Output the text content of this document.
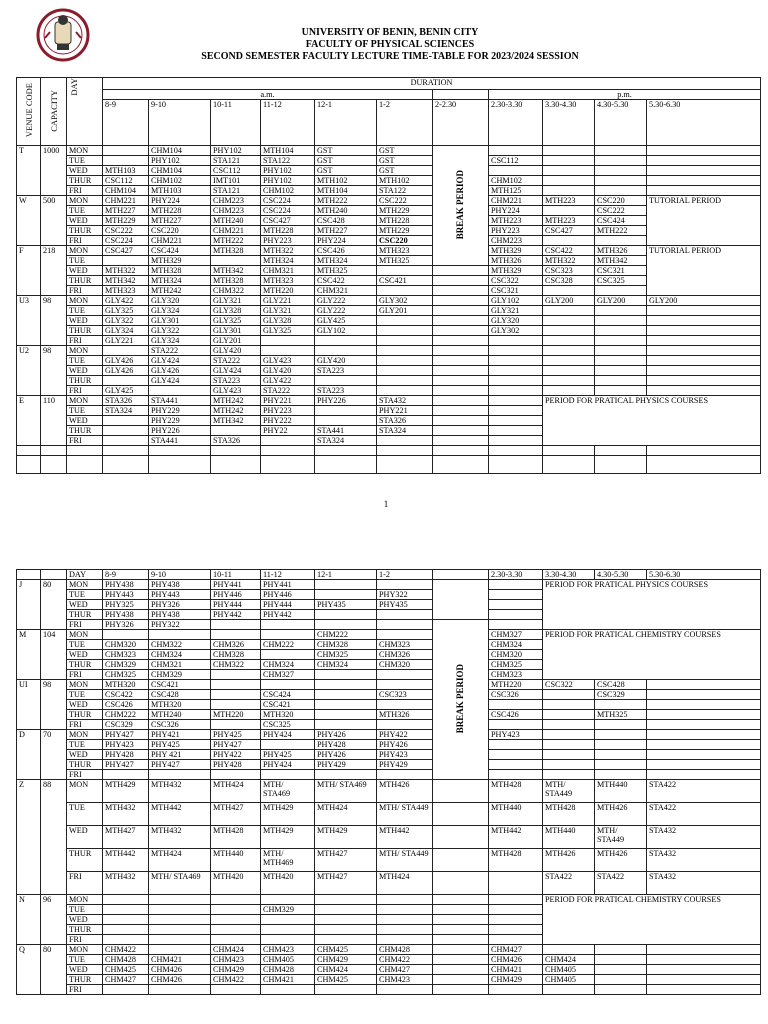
UNIVERSITY OF BENIN, BENIN CITY
FACULTY OF PHYSICAL SCIENCES
SECOND SEMESTER FACULTY LECTURE TIME-TABLE FOR 2023/2024 SESSION
VENUE CODE	CAPACITY	DAY	DURATION										
			a.m.							p.m.			
			8-9	9-10	10-11	11-12	12-1	1-2	2-2.30	2.30-3.30	3.30-4.30	4.30-5.30	5.30-6.30
T	1000	MON		CHM104	PHY102	MTH104	GST	GST	BREAK PERIOD				
		TUE		PHY102	STA121	STA122	GST	GST		CSC112			
		WED	MTH103	CHM104	CSC112	PHY102	GST	GST					
		THUR	CSC112	CHM102	IMT101	PHY102	MTH102	MTH102		CHM102			
		FRI	CHM104	MTH103	STA121	CHM102	MTH104	STA122		MTH125			
W	500	MON	CHM221	PHY224	CHM223	CSC224	MTH222	CSC222		CHM221	MTH223	CSC220	TUTORIAL PERIOD
		TUE	MTH227	MTH228	CHM223	CSC224	MTH240	MTH229		PHY224		CSC222	
		WED	MTH229	MTH227	MTH240	CSC427	CSC428	MTH228		MTH223	MTH223	CSC424	
		THUR	CSC222	CSC220	CHM221	MTH228	MTH227	MTH229		PHY223	CSC427	MTH222	
		FRI	CSC224	CHM221	MTH222	PHY223	PHY224	CSC220		CHM223			
F	218	MON	CSC427	CSC424	MTH328	MTH322	CSC426	MTH323		MTH329	CSC422	MTH326	TUTORIAL PERIOD
		TUE		MTH329		MTH324	MTH324	MTH325		MTH326	MTH322	MTH342	
		WED	MTH322	MTH328	MTH342	CHM321	MTH325			MTH329	CSC323	CSC321	
		THUR	MTH342	MTH324	MTH328	MTH323	CSC422	CSC421		CSC322	CSC328	CSC325	
		FRI	MTH323	MTH242	CHM322	MTH220	CHM321			CSC321			
U3	98	MON	GLY422	GLY320	GLY321	GLY221	GLY222	GLY302		GLY102	GLY200	GLY200	GLY200
		TUE	GLY325	GLY324	GLY328	GLY321	GLY222	GLY201		GLY321			
		WED	GLY322	GLY301	GLY325	GLY328	GLY425			GLY320			
		THUR	GLY324	GLY322	GLY301	GLY325	GLY102			GLY302			
		FRI	GLY221	GLY324	GLY201								
U2	98	MON		STA222	GLY420								
		TUE	GLY426	GLY424	STA222	GLY423	GLY420						
		WED	GLY426	GLY426	GLY424	GLY420	STA223						
		THUR		GLY424	STA223	GLY422							
		FRI	GLY425		GLY423	STA222	STA223						
E	110	MON	STA326	STA441	MTH242	PHY221	PHY226	STA432			PERIOD FOR PRATICAL PHYSICS COURSES		
		TUE	STA324	PHY229	MTH242	PHY223		PHY221					
		WED		PHY229	MTH342	PHY222		STA326					
		THUR		PHY226		PHY22	STA441	STA324					
		FRI		STA441	STA326		STA324						

1
		DAY	8-9	9-10	10-11	11-12	12-1	1-2		2.30-3.30	3.30-4.30	4.30-5.30	5.30-6.30
J	80	MON	PHY438	PHY438	PHY441	PHY441					PERIOD FOR PRATICAL PHYSICS COURSES		
		TUE	PHY443	PHY443	PHY446	PHY446		PHY322					
		WED	PHY325	PHY326	PHY444	PHY444	PHY435	PHY435					
		THUR	PHY438	PHY438	PHY442	PHY442							
		FRI	PHY326	PHY322					BREAK PERIOD				
M	104	MON					CHM222			CHM327	PERIOD FOR PRATICAL CHEMISTRY COURSES		
		TUE	CHM320	CHM322	CHM326	CHM222	CHM328	CHM323		CHM324			
		WED	CHM323	CHM324	CHM328		CHM325	CHM326		CHM320			
		THUR	CHM329	CHM321	CHM322	CHM324	CHM324	CHM320		CHM325			
		FRI	CHM325	CHM329		CHM327				CHM323			
UI	98	MON	MTH320	CSC421						MTH220	CSC322	CSC428	
		TUE	CSC422	CSC428		CSC424		CSC323		CSC326		CSC329	
		WED	CSC426	MTH320		CSC421							
		THUR	CHM222	MTH240	MTH220	MTH320		MTH326		CSC426		MTH325	
		FRI	CSC329	CSC326		CSC325							
D	70	MON	PHY427	PHY421	PHY425	PHY424	PHY426	PHY422		PHY423			
		TUE	PHY423	PHY425	PHY427		PHY428	PHY426					
		WED	PHY428	PHY 421	PHY422	PHY425	PHY426	PHY423					
		THUR	PHY427	PHY427	PHY428	PHY424	PHY429	PHY429					
		FRI											
Z	88	MON	MTH429	MTH432	MTH424	MTH/ STA469	MTH/ STA469	MTH426		MTH428	MTH/ STA449	MTH440	STA422
		TUE	MTH432	MTH442	MTH427	MTH429	MTH424	MTH/ STA449		MTH440	MTH428	MTH426	STA422
		WED	MTH427	MTH432	MTH428	MTH429	MTH429	MTH442		MTH442	MTH440	MTH/ STA449	STA432
		THUR	MTH442	MTH424	MTH440	MTH/ MTH469	MTH427	MTH/ STA449		MTH428	MTH426	MTH426	STA432
		FRI	MTH432	MTH/ STA469	MTH420	MTH420	MTH427	MTH424			STA422	STA422	STA432
N	96	MON									PERIOD FOR PRATICAL CHEMISTRY COURSES		
		TUE				CHM329							
		WED											
		THUR											
		FRI											
Q	80	MON	CHM422		CHM424	CHM423	CHM425	CHM428		CHM427			
		TUE	CHM428	CHM421	CHM423	CHM405	CHM429	CHM422		CHM426	CHM424		
		WED	CHM425	CHM426	CHM429	CHM428	CHM424	CHM427		CHM421	CHM405		
		THUR	CHM427	CHM426	CHM422	CHM421	CHM425	CHM423		CHM429	CHM405		
		FRI											
